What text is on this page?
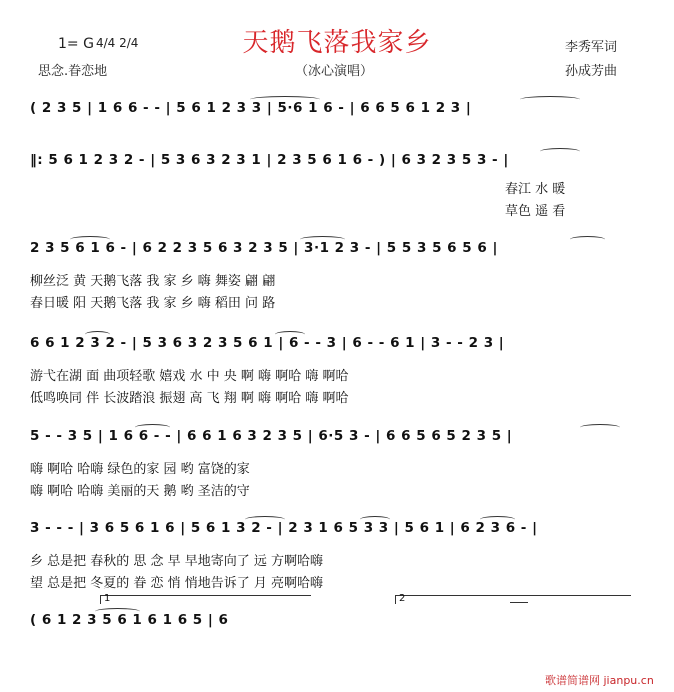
1= G 4/4 2/4	天鹅飞落我家乡	李秀军词
思念.眷恋地	（冰心演唱）	孙成芳曲
( 2 3 5 | 1 6 6 - - | 5 6 1 2 3 3 | 5·6 1 6 - | 6 6 5 6 1 2 3 |
‖: 5 6 1 2 3 2 - | 5 3 6 3 2 3 1 | 2 3 5 6 1 6 - ) | 6 3 2 3 5 3 - |
春江 水 暖
草色 遥 看
2 3 5 6 1 6 - | 6 2 2 3 5 6 3 2 3 5 | 3·1 2 3 - | 5 5 3 5 6 5 6 |
柳丝泛 黄 天鹅飞落 我 家 乡 嗨 舞姿 翩 翩
春日暖 阳 天鹅飞落 我 家 乡 嗨 稻田 问 路
6 6 1 2 3 2 - | 5 3 6 3 2 3 5 6 1 | 6 - - 3 | 6 - - 6 1 | 3 - - 2 3 |
游弋在湖 面 曲项轻歌 嬉戏 水 中 央 啊 嗨 啊哈 嗨 啊哈
低鸣唤同 伴 长波踏浪 振翅 高 飞 翔 啊 嗨 啊哈 嗨 啊哈
5 - - 3 5 | 1 6 6 - - | 6 6 1 6 3 2 3 5 | 6·5 3 - | 6 6 5 6 5 2 3 5 |
嗨 啊哈 哈嗨 绿色的家 园 哟 富饶的家
嗨 啊哈 哈嗨 美丽的天 鹅 哟 圣洁的守
3 - - - | 3 6 5 6 1 6 | 5 6 1 3 2 - | 2 3 1 6 5 3 3 | 5 6 1 | 6 2 3 6 - |
乡 总是把 春秋的 思 念 早 早地寄向了 远 方啊哈嗨
望 总是把 冬夏的 眷 恋 悄 悄地告诉了 月 亮啊哈嗨
1	2
( 6 1 2 3 5 6 1 6 1 6 5 | 6
歌谱简谱网 jianpu.cn
